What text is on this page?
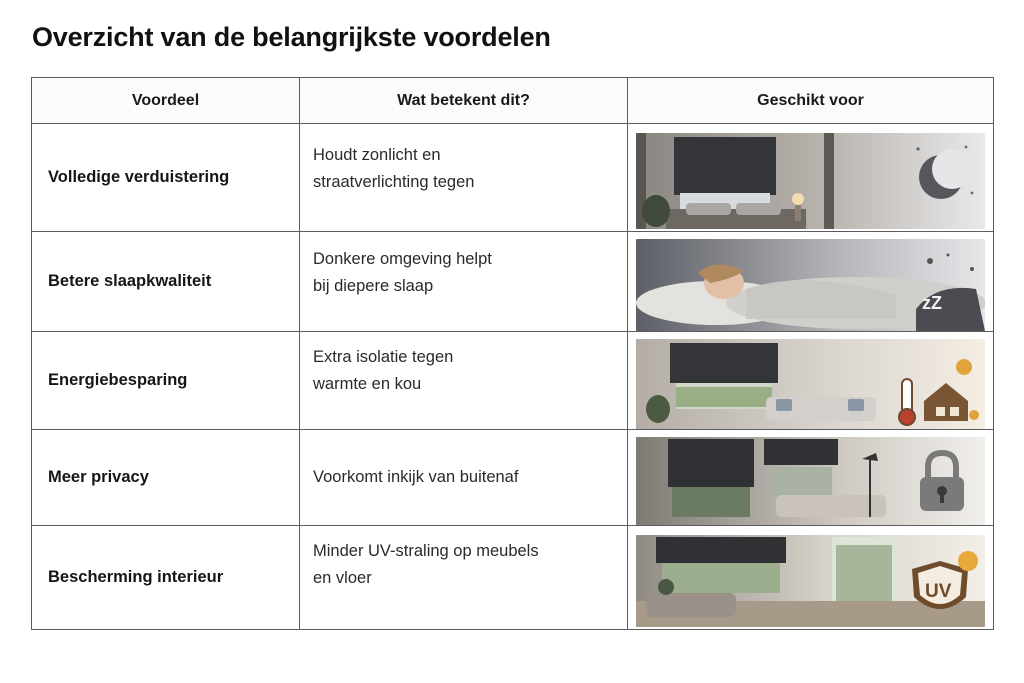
Overzicht van de belangrijkste voordelen
Voordeel	Wat betekent dit?	Geschikt voor
Volledige verduistering	Houdt zonlicht en
straatverlichting tegen

Betere slaapkwaliteit	Donkere omgeving helpt
bij diepere slaap	zZ

Energiebesparing	Extra isolatie tegen
warmte en kou

Meer privacy	Voorkomt inkijk van buitenaf

Bescherming interieur	Minder UV-straling op meubels
en vloer	UV
